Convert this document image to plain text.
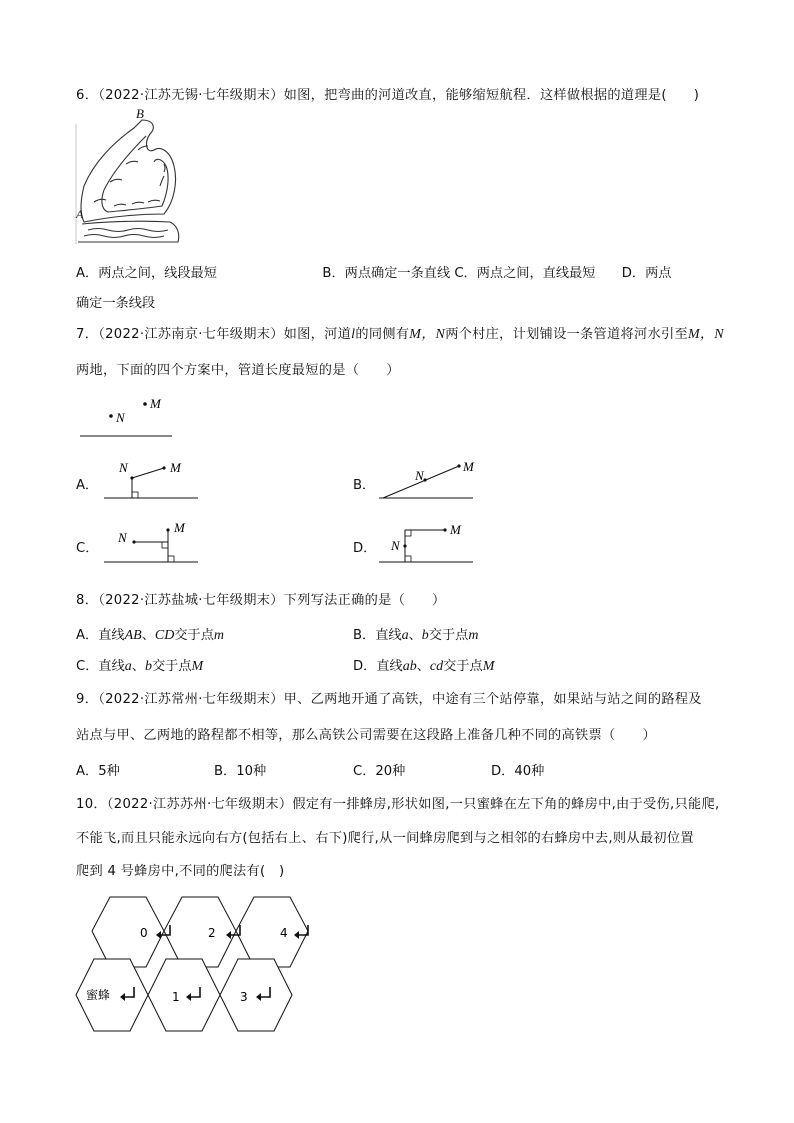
6．（2022·江苏无锡·七年级期末）如图，把弯曲的河道改直，能够缩短航程．这样做根据的道理是(　　)
B
A
A．两点之间，线段最短　　　　　　　　B．两点确定一条直线 C．两点之间，直线最短　　D．两点
确定一条线段
7．（2022·江苏南京·七年级期末）如图，河道l的同侧有M，N两个村庄，计划铺设一条管道将河水引至M，N
两地，下面的四个方案中，管道长度最短的是（　　）
N
M
A．
N	M
B．
N
M
C．
N
M
D． N
M
8．（2022·江苏盐城·七年级期末）下列写法正确的是（　　）
A．直线AB、CD交于点m	B．直线a、b交于点m
C．直线a、b交于点M	D．直线ab、cd交于点M
9．（2022·江苏常州·七年级期末）甲、乙两地开通了高铁，中途有三个站停靠，如果站与站之间的路程及
站点与甲、乙两地的路程都不相等，那么高铁公司需要在这段路上准备几种不同的高铁票（　　）
A．5种	B．10种	C．20种	D．40种
10．（2022·江苏苏州·七年级期末）假定有一排蜂房,形状如图,一只蜜蜂在左下角的蜂房中,由于受伤,只能爬,
不能飞,而且只能永远向右方(包括右上、右下)爬行,从一间蜂房爬到与之相邻的右蜂房中去,则从最初位置
爬到 4 号蜂房中,不同的爬法有(　)
0	2	4
蜜蜂	1	3
